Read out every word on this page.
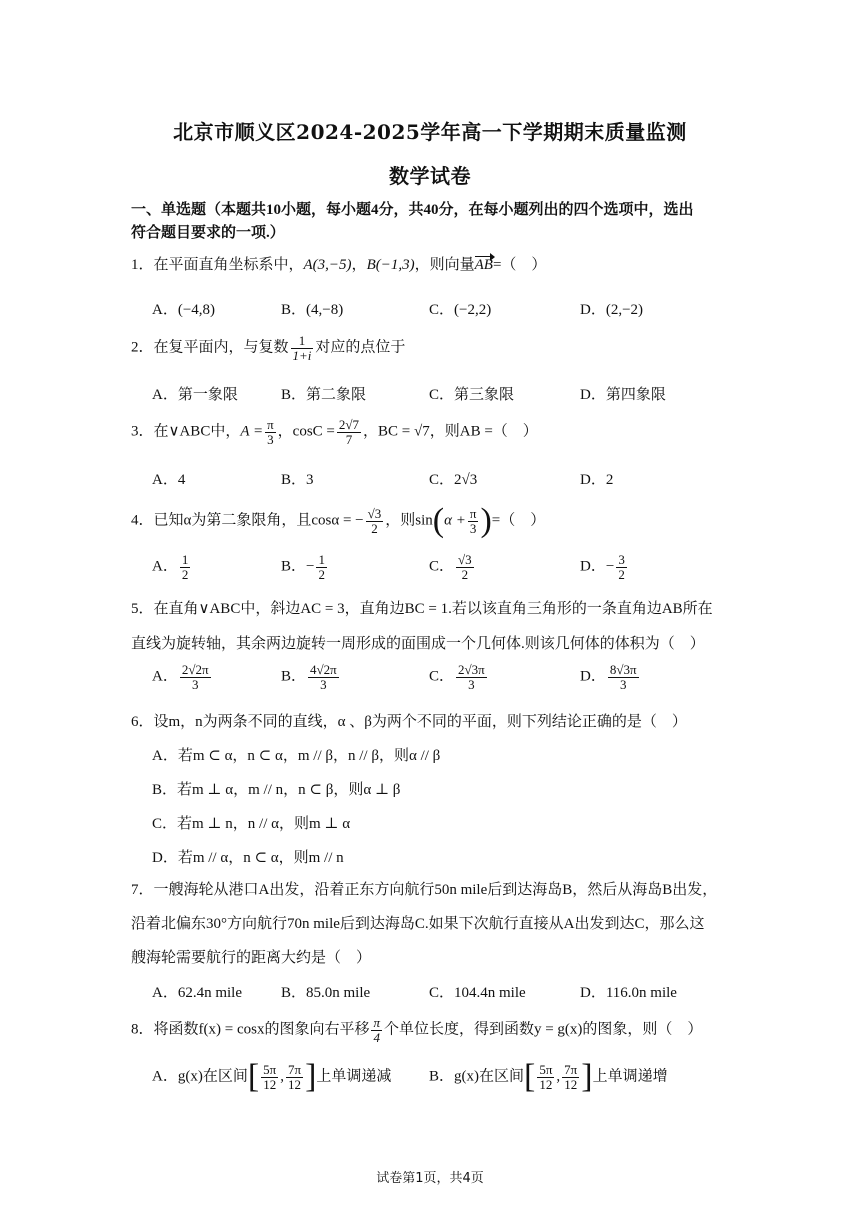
北京市顺义区2024-2025学年高一下学期期末质量监测
数学试卷
一、单选题（本题共10小题，每小题4分，共40分，在每小题列出的四个选项中，选出
符合题目要求的一项.）
1．在平面直角坐标系中，A(3,−5)，B(−1,3)，则向量AB=（　）
A．(−4,8)	B．(4,−8)	C．(−2,2)	D．(2,−2)
2．在复平面内，与复数 $\frac{1}{1+i}$ 对应的点位于
A．第一象限	B．第二象限	C．第三象限	D．第四象限
3．在∨ABC中，$A = \frac{\pi}{3}$ ，$\cos C = \frac{2√7}{7}$ ，BC = √7，则AB =（　）
A．4	B．3	C．2√3	D．2
4．已知α为第二象限角，且cosα = − $\frac{√3}{2}$ ，则$\sin(\alpha + \frac{\pi}{3}$ )=（　）
A． $\frac{1}{2}$	B．− $\frac{1}{2}$	C． $\frac{√3}{2}$	D．− $\frac{3}{2}$
5．在直角∨ABC中，斜边AC = 3，直角边BC = 1.若以该直角三角形的一条直角边AB所在
直线为旋转轴，其余两边旋转一周形成的面围成一个几何体.则该几何体的体积为（　）
A． $\frac{2√2\pi}{3}$	B． $\frac{4√2\pi}{3}$	C． $\frac{2√3\pi}{3}$	D． $\frac{8√3\pi}{3}$
6．设m，n为两条不同的直线，α 、β为两个不同的平面，则下列结论正确的是（　）
A．若m ⊂ α，n ⊂ α，m // β，n // β，则α // β
B．若m ⊥ α，m // n，n ⊂ β，则α ⊥ β
C．若m ⊥ n，n // α，则m ⊥ α
D．若m // α，n ⊂ α，则m // n
7．一艘海轮从港口A出发，沿着正东方向航行50n mile后到达海岛B，然后从海岛B出发，
沿着北偏东30°方向航行70n mile后到达海岛C.如果下次航行直接从A出发到达C，那么这
艘海轮需要航行的距离大约是（　）
A．62.4n mile	B．85.0n mile	C．104.4n mile	D．116.0n mile
8．将函数f(x) = cosx的图象向右平移 $\frac{\pi}{4}$ 个单位长度，得到函数y = g(x)的图象，则（　）
A．g(x)在区间[ $\frac{5\pi}{12}$ , $\frac{7\pi}{12}$ ]上单调递减	B．g(x)在区间[ $\frac{5\pi}{12}$ , $\frac{7\pi}{12}$ ]上单调递增
试卷第1页，共4页
